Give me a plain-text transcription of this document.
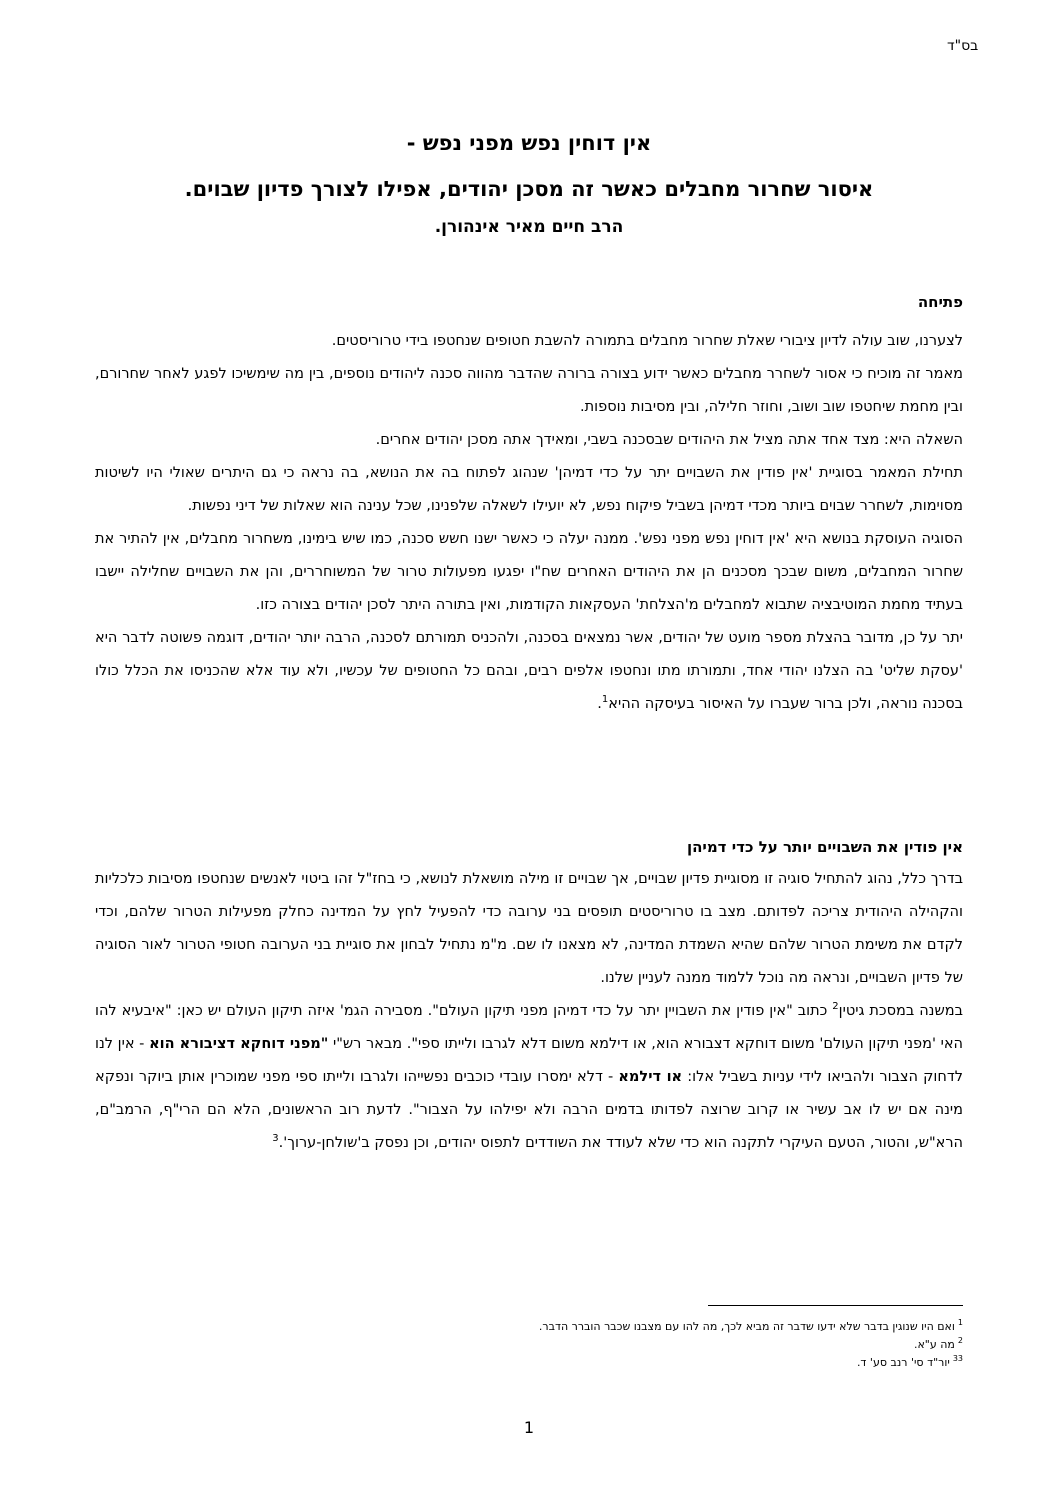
בס"ד

אין דוחין נפש מפני נפש -

איסור שחרור מחבלים כאשר זה מסכן יהודים, אפילו לצורך פדיון שבוים.

הרב חיים מאיר אינהורן.

פתיחה

לצערנו, שוב עולה לדיון ציבורי שאלת שחרור מחבלים בתמורה להשבת חטופים שנחטפו בידי טרוריסטים.

מאמר זה מוכיח כי אסור לשחרר מחבלים כאשר ידוע בצורה ברורה שהדבר מהווה סכנה ליהודים נוספים, בין מה שימשיכו לפגע לאחר שחרורם, ובין מחמת שיחטפו שוב ושוב, וחוזר חלילה, ובין מסיבות נוספות.

השאלה היא: מצד אחד אתה מציל את היהודים שבסכנה בשבי, ומאידך אתה מסכן יהודים אחרים.

תחילת המאמר בסוגיית 'אין פודין את השבויים יתר על כדי דמיהן' שנהוג לפתוח בה את הנושא, בה נראה כי גם היתרים שאולי היו לשיטות מסוימות, לשחרר שבוים ביותר מכדי דמיהן בשביל פיקוח נפש, לא יועילו לשאלה שלפנינו, שכל ענינה הוא שאלות של דיני נפשות.

הסוגיה העוסקת בנושא היא 'אין דוחין נפש מפני נפש'. ממנה יעלה כי כאשר ישנו חשש סכנה, כמו שיש בימינו, משחרור מחבלים, אין להתיר את שחרור המחבלים, משום שבכך מסכנים הן את היהודים האחרים שח"ו יפגעו מפעולות טרור של המשוחררים, והן את השבויים שחלילה יישבו בעתיד מחמת המוטיבציה שתבוא למחבלים מ'הצלחת' העסקאות הקודמות, ואין בתורה היתר לסכן יהודים בצורה כזו.

יתר על כן, מדובר בהצלת מספר מועט של יהודים, אשר נמצאים בסכנה, ולהכניס תמורתם לסכנה, הרבה יותר יהודים, דוגמה פשוטה לדבר היא 'עסקת שליט' בה הצלנו יהודי אחד, ותמורתו מתו ונחטפו אלפים רבים, ובהם כל החטופים של עכשיו, ולא עוד אלא שהכניסו את הכלל כולו בסכנה נוראה, ולכן ברור שעברו על האיסור בעיסקה ההיא$^1$.

אין פודין את השבויים יותר על כדי דמיהן

בדרך כלל, נהוג להתחיל סוגיה זו מסוגיית פדיון שבויים, אך שבויים זו מילה מושאלת לנושא, כי בחז"ל זהו ביטוי לאנשים שנחטפו מסיבות כלכליות והקהילה היהודית צריכה לפדותם. מצב בו טרוריסטים תופסים בני ערובה כדי להפעיל לחץ על המדינה כחלק מפעילות הטרור שלהם, וכדי לקדם את משימת הטרור שלהם שהיא השמדת המדינה, לא מצאנו לו שם. מ"מ נתחיל לבחון את סוגיית בני הערובה חטופי הטרור לאור הסוגיה של פדיון השבויים, ונראה מה נוכל ללמוד ממנה לעניין שלנו.

במשנה במסכת גיטין$^2$ כתוב "אין פודין את השבויין יתר על כדי דמיהן מפני תיקון העולם". מסבירה הגמ' איזה תיקון העולם יש כאן: "איבעיא להו האי 'מפני תיקון העולם' משום דוחקא דצבורא הוא, או דילמא משום דלא לגרבו ולייתו ספי". מבאר רש"י "מפני דוחקא דציבורא הוא - אין לנו לדחוק הצבור ולהביאו לידי עניות בשביל אלו: או דילמא - דלא ימסרו עובדי כוכבים נפשייהו ולגרבו ולייתו ספי מפני שמוכרין אותן ביוקר ונפקא מינה אם יש לו אב עשיר או קרוב שרוצה לפדותו בדמים הרבה ולא יפילהו על הצבור". לדעת רוב הראשונים, הלא הם הרי"ף, הרמב"ם, הרא"ש, והטור, הטעם העיקרי לתקנה הוא כדי שלא לעודד את השודדים לתפוס יהודים, וכן נפסק ב'שולחן-ערוך'.$^3$

$^1$ואם היו שנוגין בדבר שלא ידעו שדבר זה מביא לכך, מה להו עם מצבנו שכבר הוברר הדבר.

$^2$מה ע"א.

$^{33}$יור"ד סי' רנב סע' ד.

1
